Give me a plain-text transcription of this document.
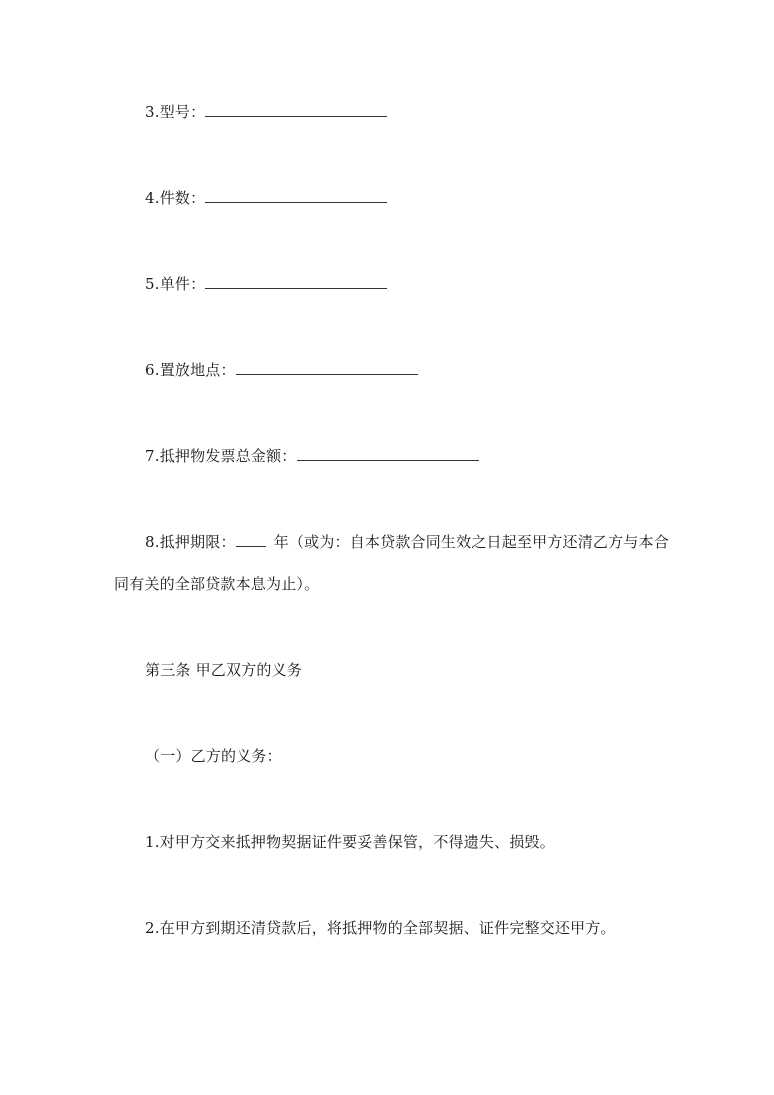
3.型号：
4.件数：
5.单件：
6.置放地点：
7.抵押物发票总金额：
8.抵押期限：	年（或为：自本贷款合同生效之日起至甲方还清乙方与本合
同有关的全部贷款本息为止）。
第三条 甲乙双方的义务
（一）乙方的义务：
1.对甲方交来抵押物契据证件要妥善保管，不得遗失、损毁。
2.在甲方到期还清贷款后，将抵押物的全部契据、证件完整交还甲方。
